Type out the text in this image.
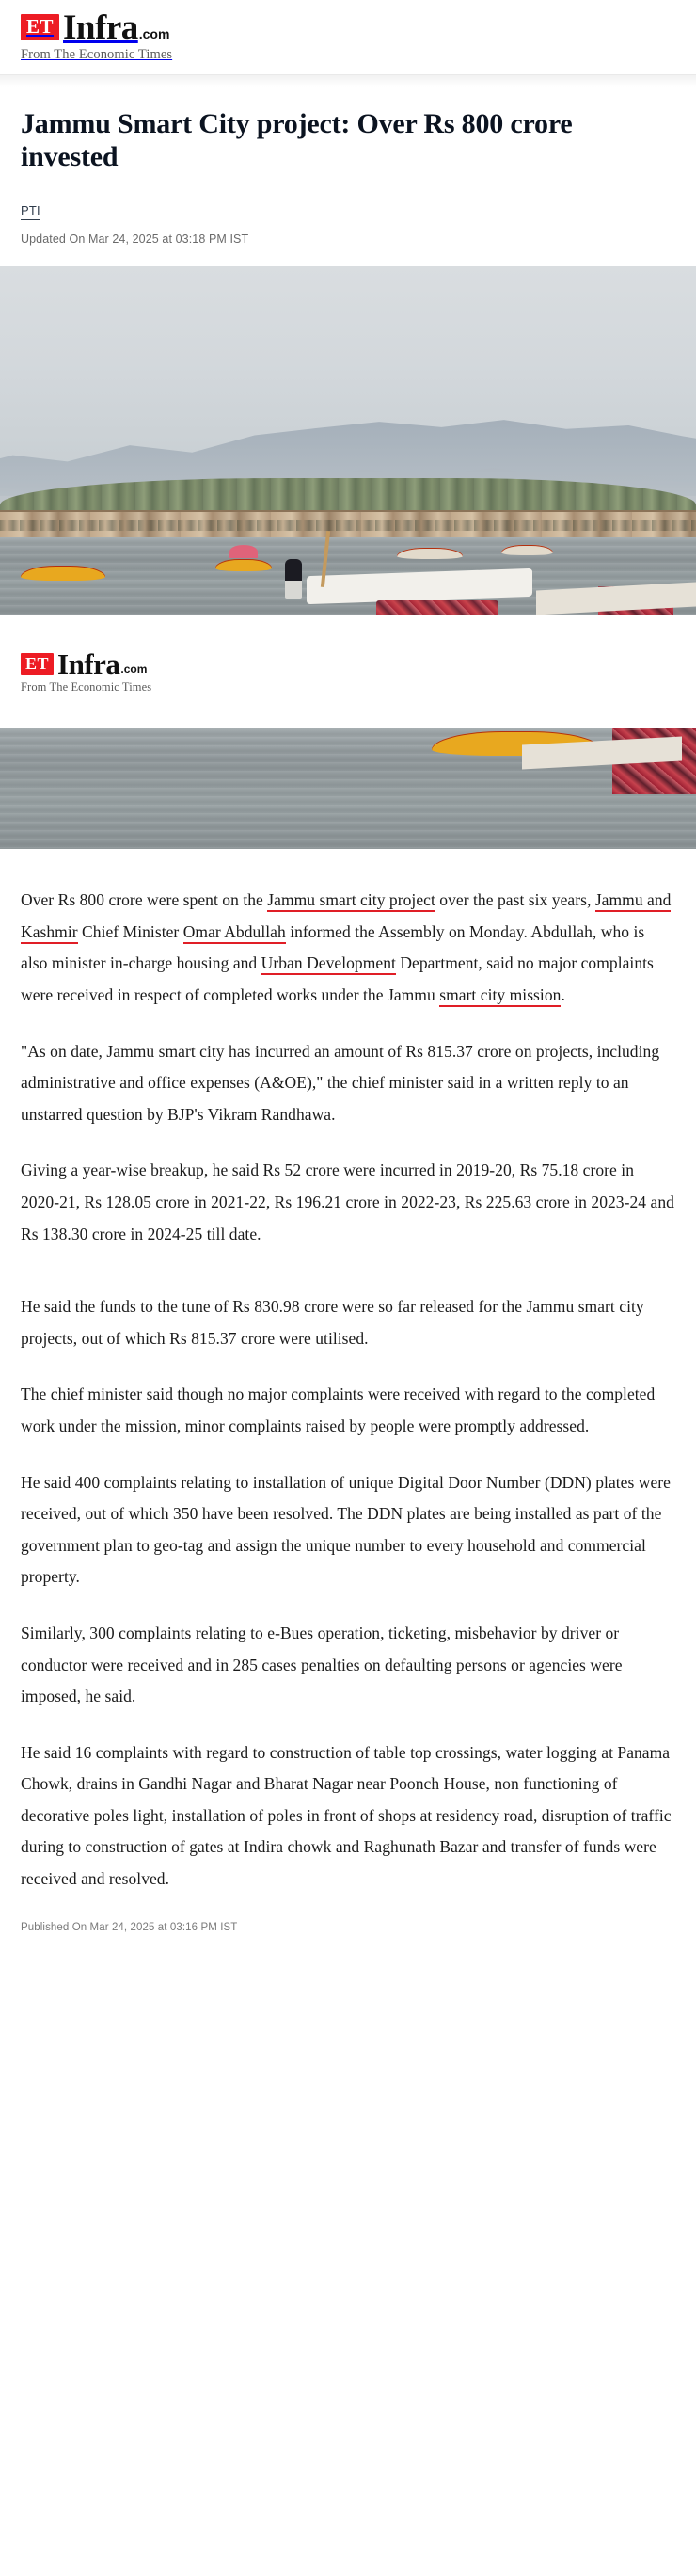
ET Infra .com
From The Economic Times
Jammu Smart City project: Over Rs 800 crore invested
PTI
Updated On Mar 24, 2025 at 03:18 PM IST
ET Infra .com
From The Economic Times

Over Rs 800 crore were spent on the Jammu smart city project over the past six years, Jammu and Kashmir Chief Minister Omar Abdullah informed the Assembly on Monday. Abdullah, who is also minister in-charge housing and Urban Development Department, said no major complaints were received in respect of completed works under the Jammu smart city mission.

"As on date, Jammu smart city has incurred an amount of Rs 815.37 crore on projects, including administrative and office expenses (A&OE)," the chief minister said in a written reply to an unstarred question by BJP's Vikram Randhawa.

Giving a year-wise breakup, he said Rs 52 crore were incurred in 2019-20, Rs 75.18 crore in 2020-21, Rs 128.05 crore in 2021-22, Rs 196.21 crore in 2022-23, Rs 225.63 crore in 2023-24 and Rs 138.30 crore in 2024-25 till date.

He said the funds to the tune of Rs 830.98 crore were so far released for the Jammu smart city projects, out of which Rs 815.37 crore were utilised.

The chief minister said though no major complaints were received with regard to the completed work under the mission, minor complaints raised by people were promptly addressed.

He said 400 complaints relating to installation of unique Digital Door Number (DDN) plates were received, out of which 350 have been resolved. The DDN plates are being installed as part of the government plan to geo-tag and assign the unique number to every household and commercial property.

Similarly, 300 complaints relating to e-Bues operation, ticketing, misbehavior by driver or conductor were received and in 285 cases penalties on defaulting persons or agencies were imposed, he said.

He said 16 complaints with regard to construction of table top crossings, water logging at Panama Chowk, drains in Gandhi Nagar and Bharat Nagar near Poonch House, non functioning of decorative poles light, installation of poles in front of shops at residency road, disruption of traffic during to construction of gates at Indira chowk and Raghunath Bazar and transfer of funds were received and resolved.

Published On Mar 24, 2025 at 03:16 PM IST
